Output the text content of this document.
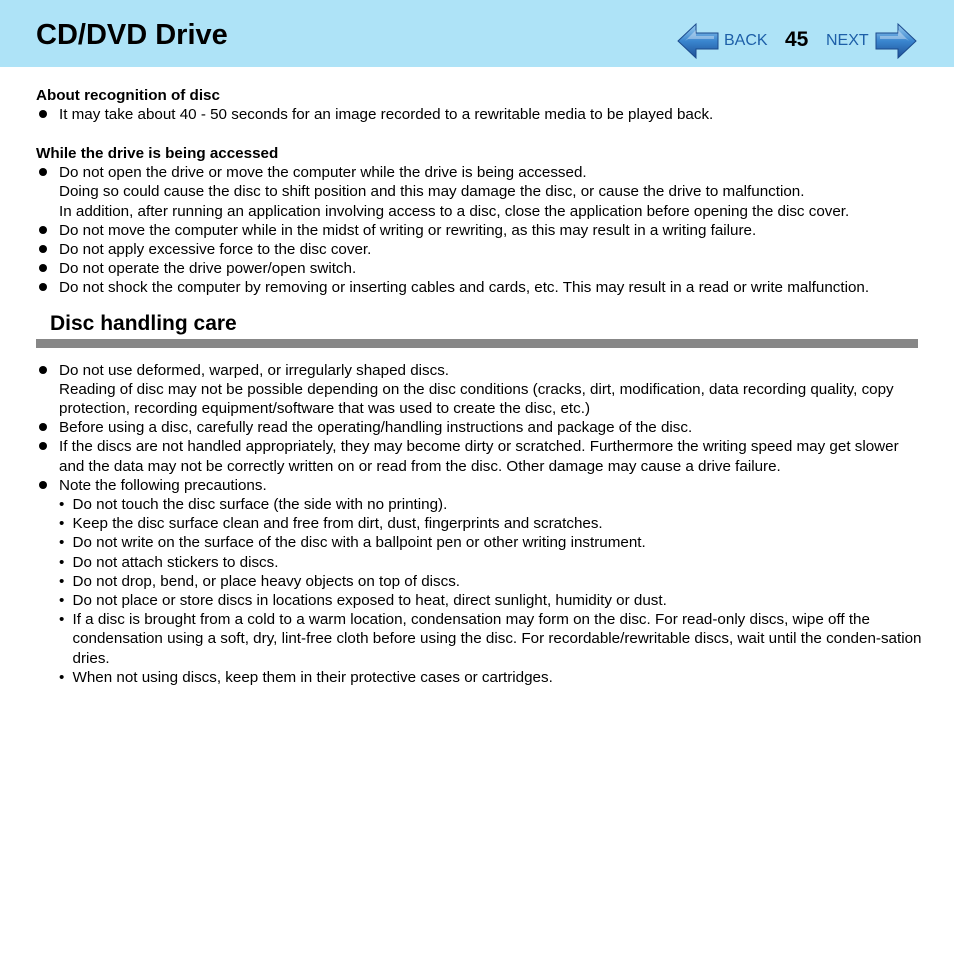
CD/DVD Drive	BACK 45 NEXT

About recognition of disc

It may take about 40 - 50 seconds for an image recorded to a rewritable media to be played back.

While the drive is being accessed

Do not open the drive or move the computer while the drive is being accessed.

Doing so could cause the disc to shift position and this may damage the disc, or cause the drive to malfunction.

In addition, after running an application involving access to a disc, close the application before opening the disc cover.

Do not move the computer while in the midst of writing or rewriting, as this may result in a writing failure.
Do not apply excessive force to the disc cover.
Do not operate the drive power/open switch.
Do not shock the computer by removing or inserting cables and cards, etc. This may result in a read or write malfunction.
Disc handling care
Do not use deformed, warped, or irregularly shaped discs.

Reading of disc may not be possible depending on the disc conditions (cracks, dirt, modification, data recording quality, copy protection, recording equipment/software that was used to create the disc, etc.)

Before using a disc, carefully read the operating/handling instructions and package of the disc.
If the discs are not handled appropriately, they may become dirty or scratched. Furthermore the writing speed may get slower and the data may not be correctly written on or read from the disc. Other damage may cause a drive failure.
Note the following precautions.
• Do not touch the disc surface (the side with no printing).
• Keep the disc surface clean and free from dirt, dust, fingerprints and scratches.
• Do not write on the surface of the disc with a ballpoint pen or other writing instrument.
• Do not attach stickers to discs.
• Do not drop, bend, or place heavy objects on top of discs.
• Do not place or store discs in locations exposed to heat, direct sunlight, humidity or dust.
• If a disc is brought from a cold to a warm location, condensation may form on the disc. For read-only discs, wipe off the condensation using a soft, dry, lint-free cloth before using the disc. For recordable/rewritable discs, wait until the conden-sation dries.
• When not using discs, keep them in their protective cases or cartridges.
